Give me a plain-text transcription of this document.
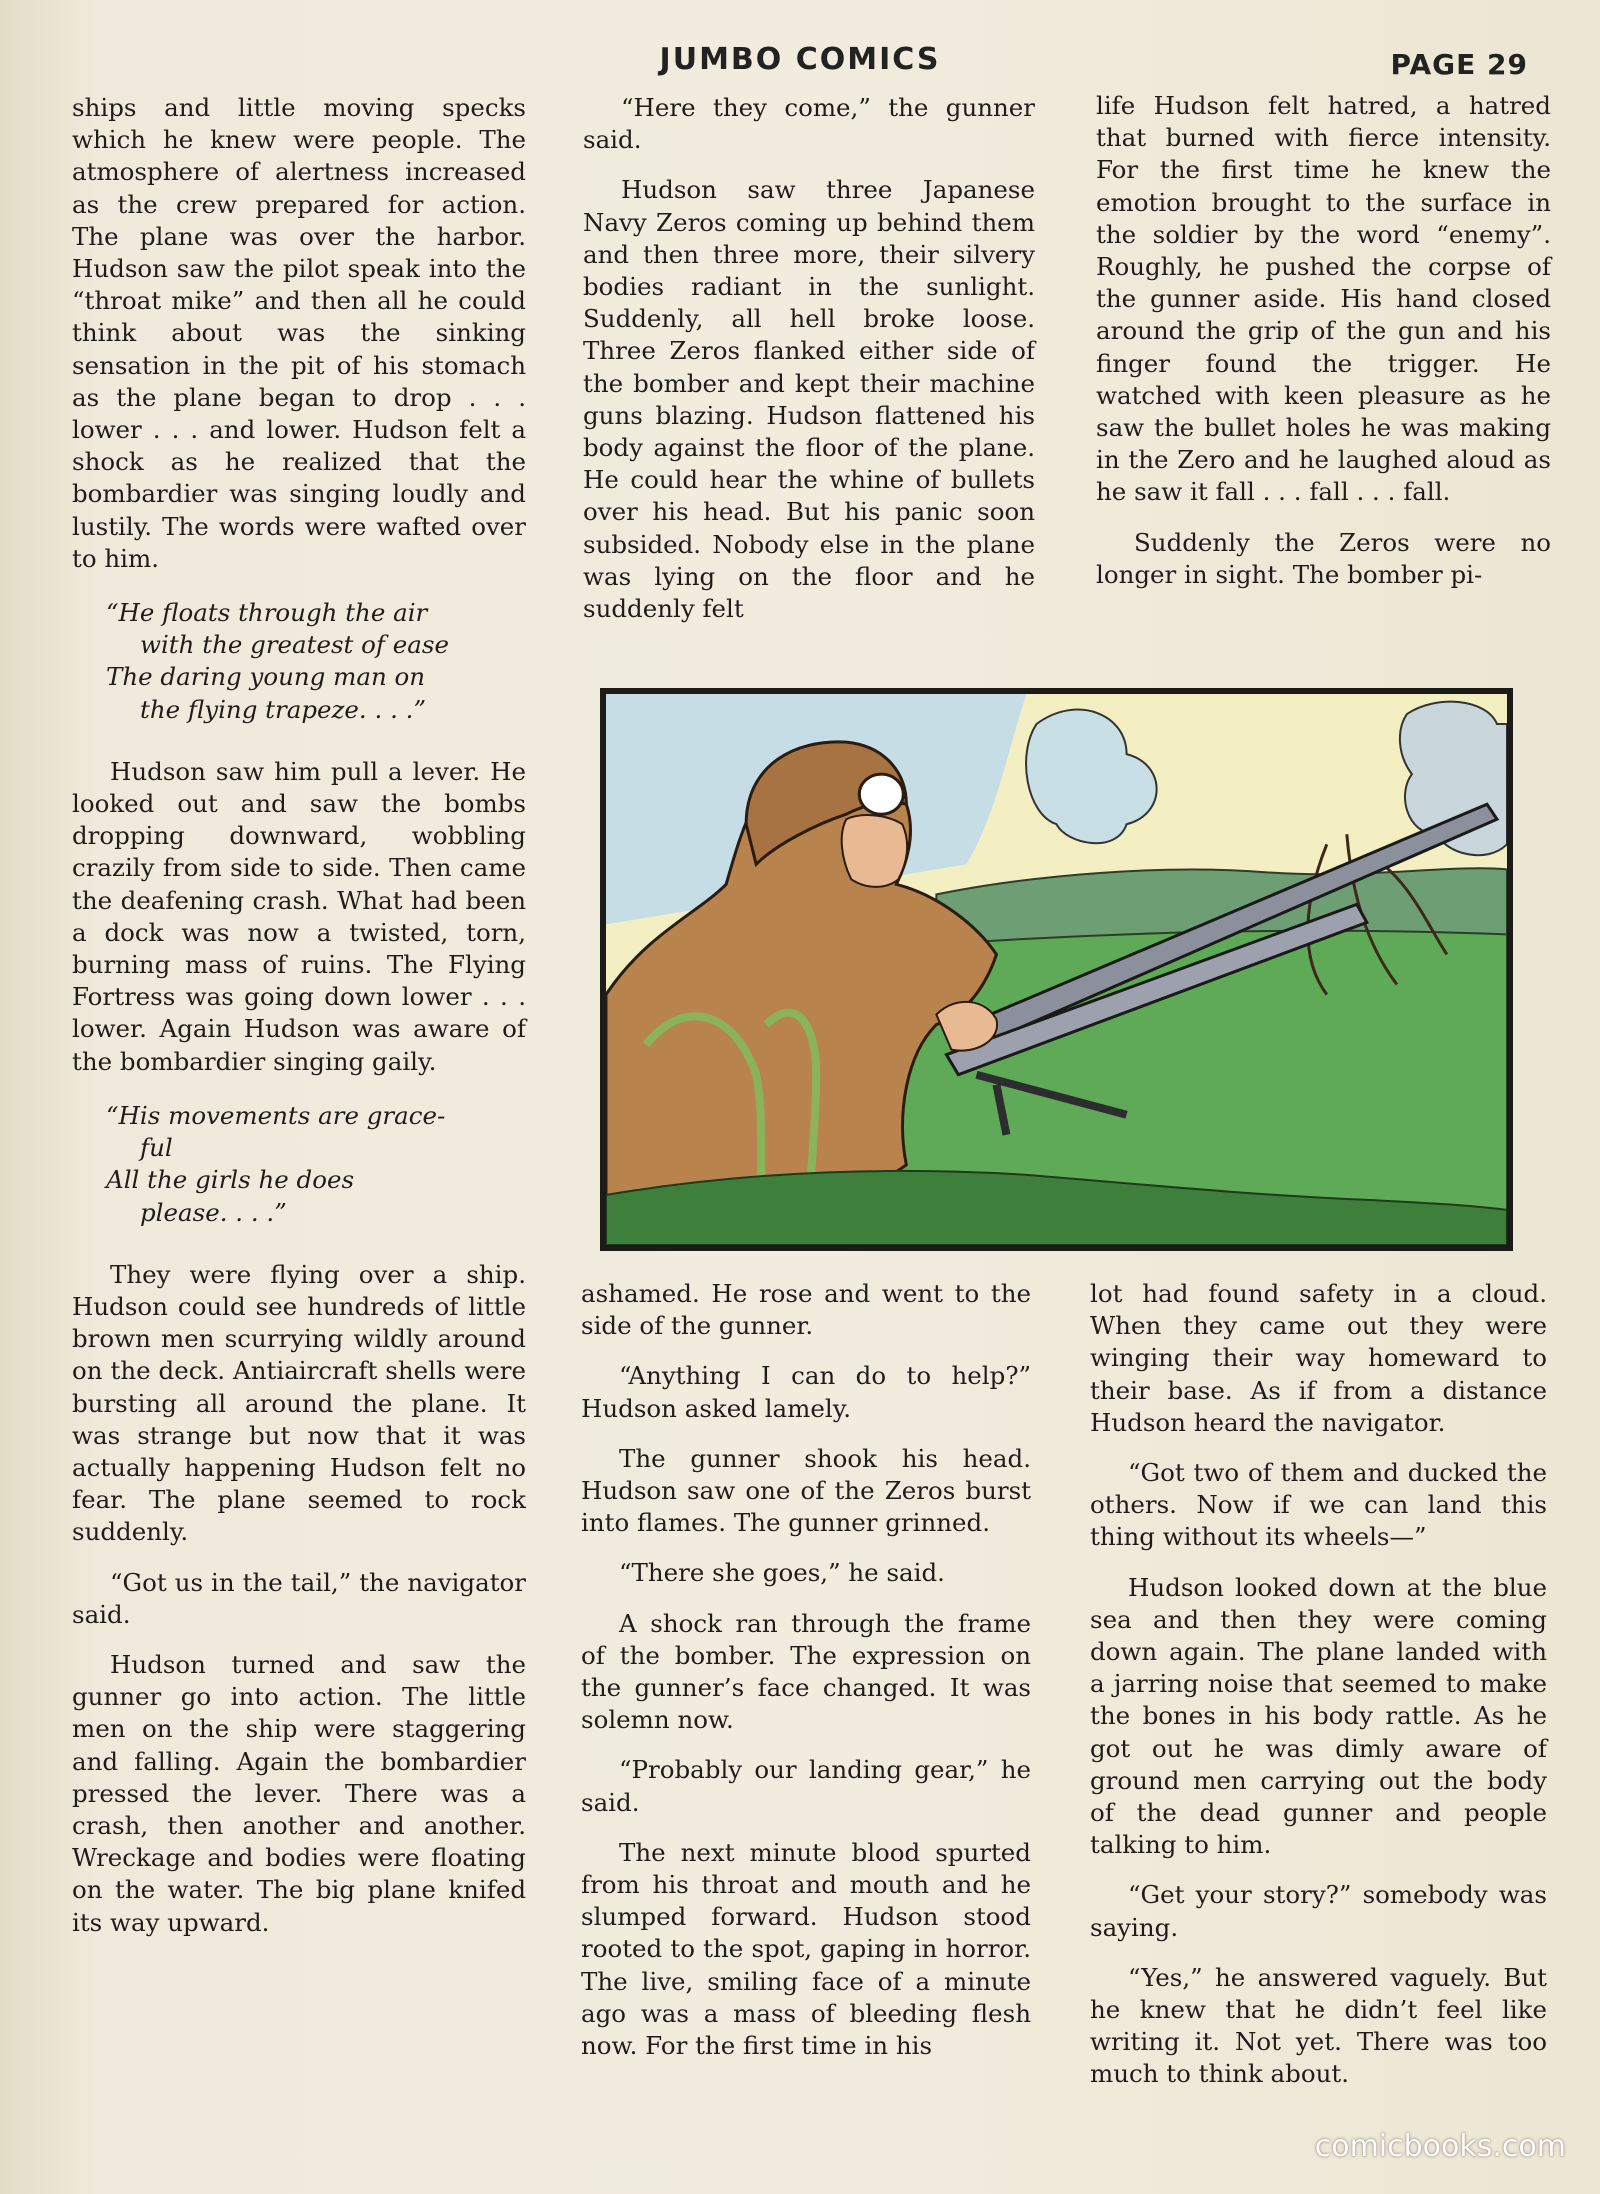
JUMBO COMICS	PAGE 29

ships and little moving specks which he knew were people. The atmosphere of alertness increased as the crew prepared for action. The plane was over the harbor. Hudson saw the pilot speak into the “throat mike” and then all he could think about was the sinking sensation in the pit of his stomach as the plane began to drop . . . lower . . . and lower. Hudson felt a shock as he realized that the bombardier was singing loudly and lustily. The words were wafted over to him.

“He floats through the air
with the greatest of ease
The daring young man on
the flying trapeze. . . .”

Hudson saw him pull a lever. He looked out and saw the bombs dropping downward, wobbling crazily from side to side. Then came the deafening crash. What had been a dock was now a twisted, torn, burning mass of ruins. The Flying Fortress was going down lower . . . lower. Again Hudson was aware of the bombardier singing gaily.

“His movements are grace-
ful
All the girls he does
please. . . .”

They were flying over a ship. Hudson could see hundreds of little brown men scurrying wildly around on the deck. Antiaircraft shells were bursting all around the plane. It was strange but now that it was actually happening Hudson felt no fear. The plane seemed to rock suddenly.

“Got us in the tail,” the navigator said.

Hudson turned and saw the gunner go into action. The little men on the ship were staggering and falling. Again the bombardier pressed the lever. There was a crash, then another and another. Wreckage and bodies were floating on the water. The big plane knifed its way upward.

“Here they come,” the gunner said.

Hudson saw three Japanese Navy Zeros coming up behind them and then three more, their silvery bodies radiant in the sunlight. Suddenly, all hell broke loose. Three Zeros flanked either side of the bomber and kept their machine guns blazing. Hudson flattened his body against the floor of the plane. He could hear the whine of bullets over his head. But his panic soon subsided. Nobody else in the plane was lying on the floor and he suddenly felt

life Hudson felt hatred, a hatred that burned with fierce intensity. For the first time he knew the emotion brought to the surface in the soldier by the word “enemy”. Roughly, he pushed the corpse of the gunner aside. His hand closed around the grip of the gun and his finger found the trigger. He watched with keen pleasure as he saw the bullet holes he was making in the Zero and he laughed aloud as he saw it fall . . . fall . . . fall.

Suddenly the Zeros were no longer in sight. The bomber pi-

ashamed. He rose and went to the side of the gunner.

“Anything I can do to help?” Hudson asked lamely.

The gunner shook his head. Hudson saw one of the Zeros burst into flames. The gunner grinned.

“There she goes,” he said.

A shock ran through the frame of the bomber. The expression on the gunner’s face changed. It was solemn now.

“Probably our landing gear,” he said.

The next minute blood spurted from his throat and mouth and he slumped forward. Hudson stood rooted to the spot, gaping in horror. The live, smiling face of a minute ago was a mass of bleeding flesh now. For the first time in his

lot had found safety in a cloud. When they came out they were winging their way homeward to their base. As if from a distance Hudson heard the navigator.

“Got two of them and ducked the others. Now if we can land this thing without its wheels—”

Hudson looked down at the blue sea and then they were coming down again. The plane landed with a jarring noise that seemed to make the bones in his body rattle. As he got out he was dimly aware of ground men carrying out the body of the dead gunner and people talking to him.

“Get your story?” somebody was saying.

“Yes,” he answered vaguely. But he knew that he didn’t feel like writing it. Not yet. There was too much to think about.

comicbooks.com
